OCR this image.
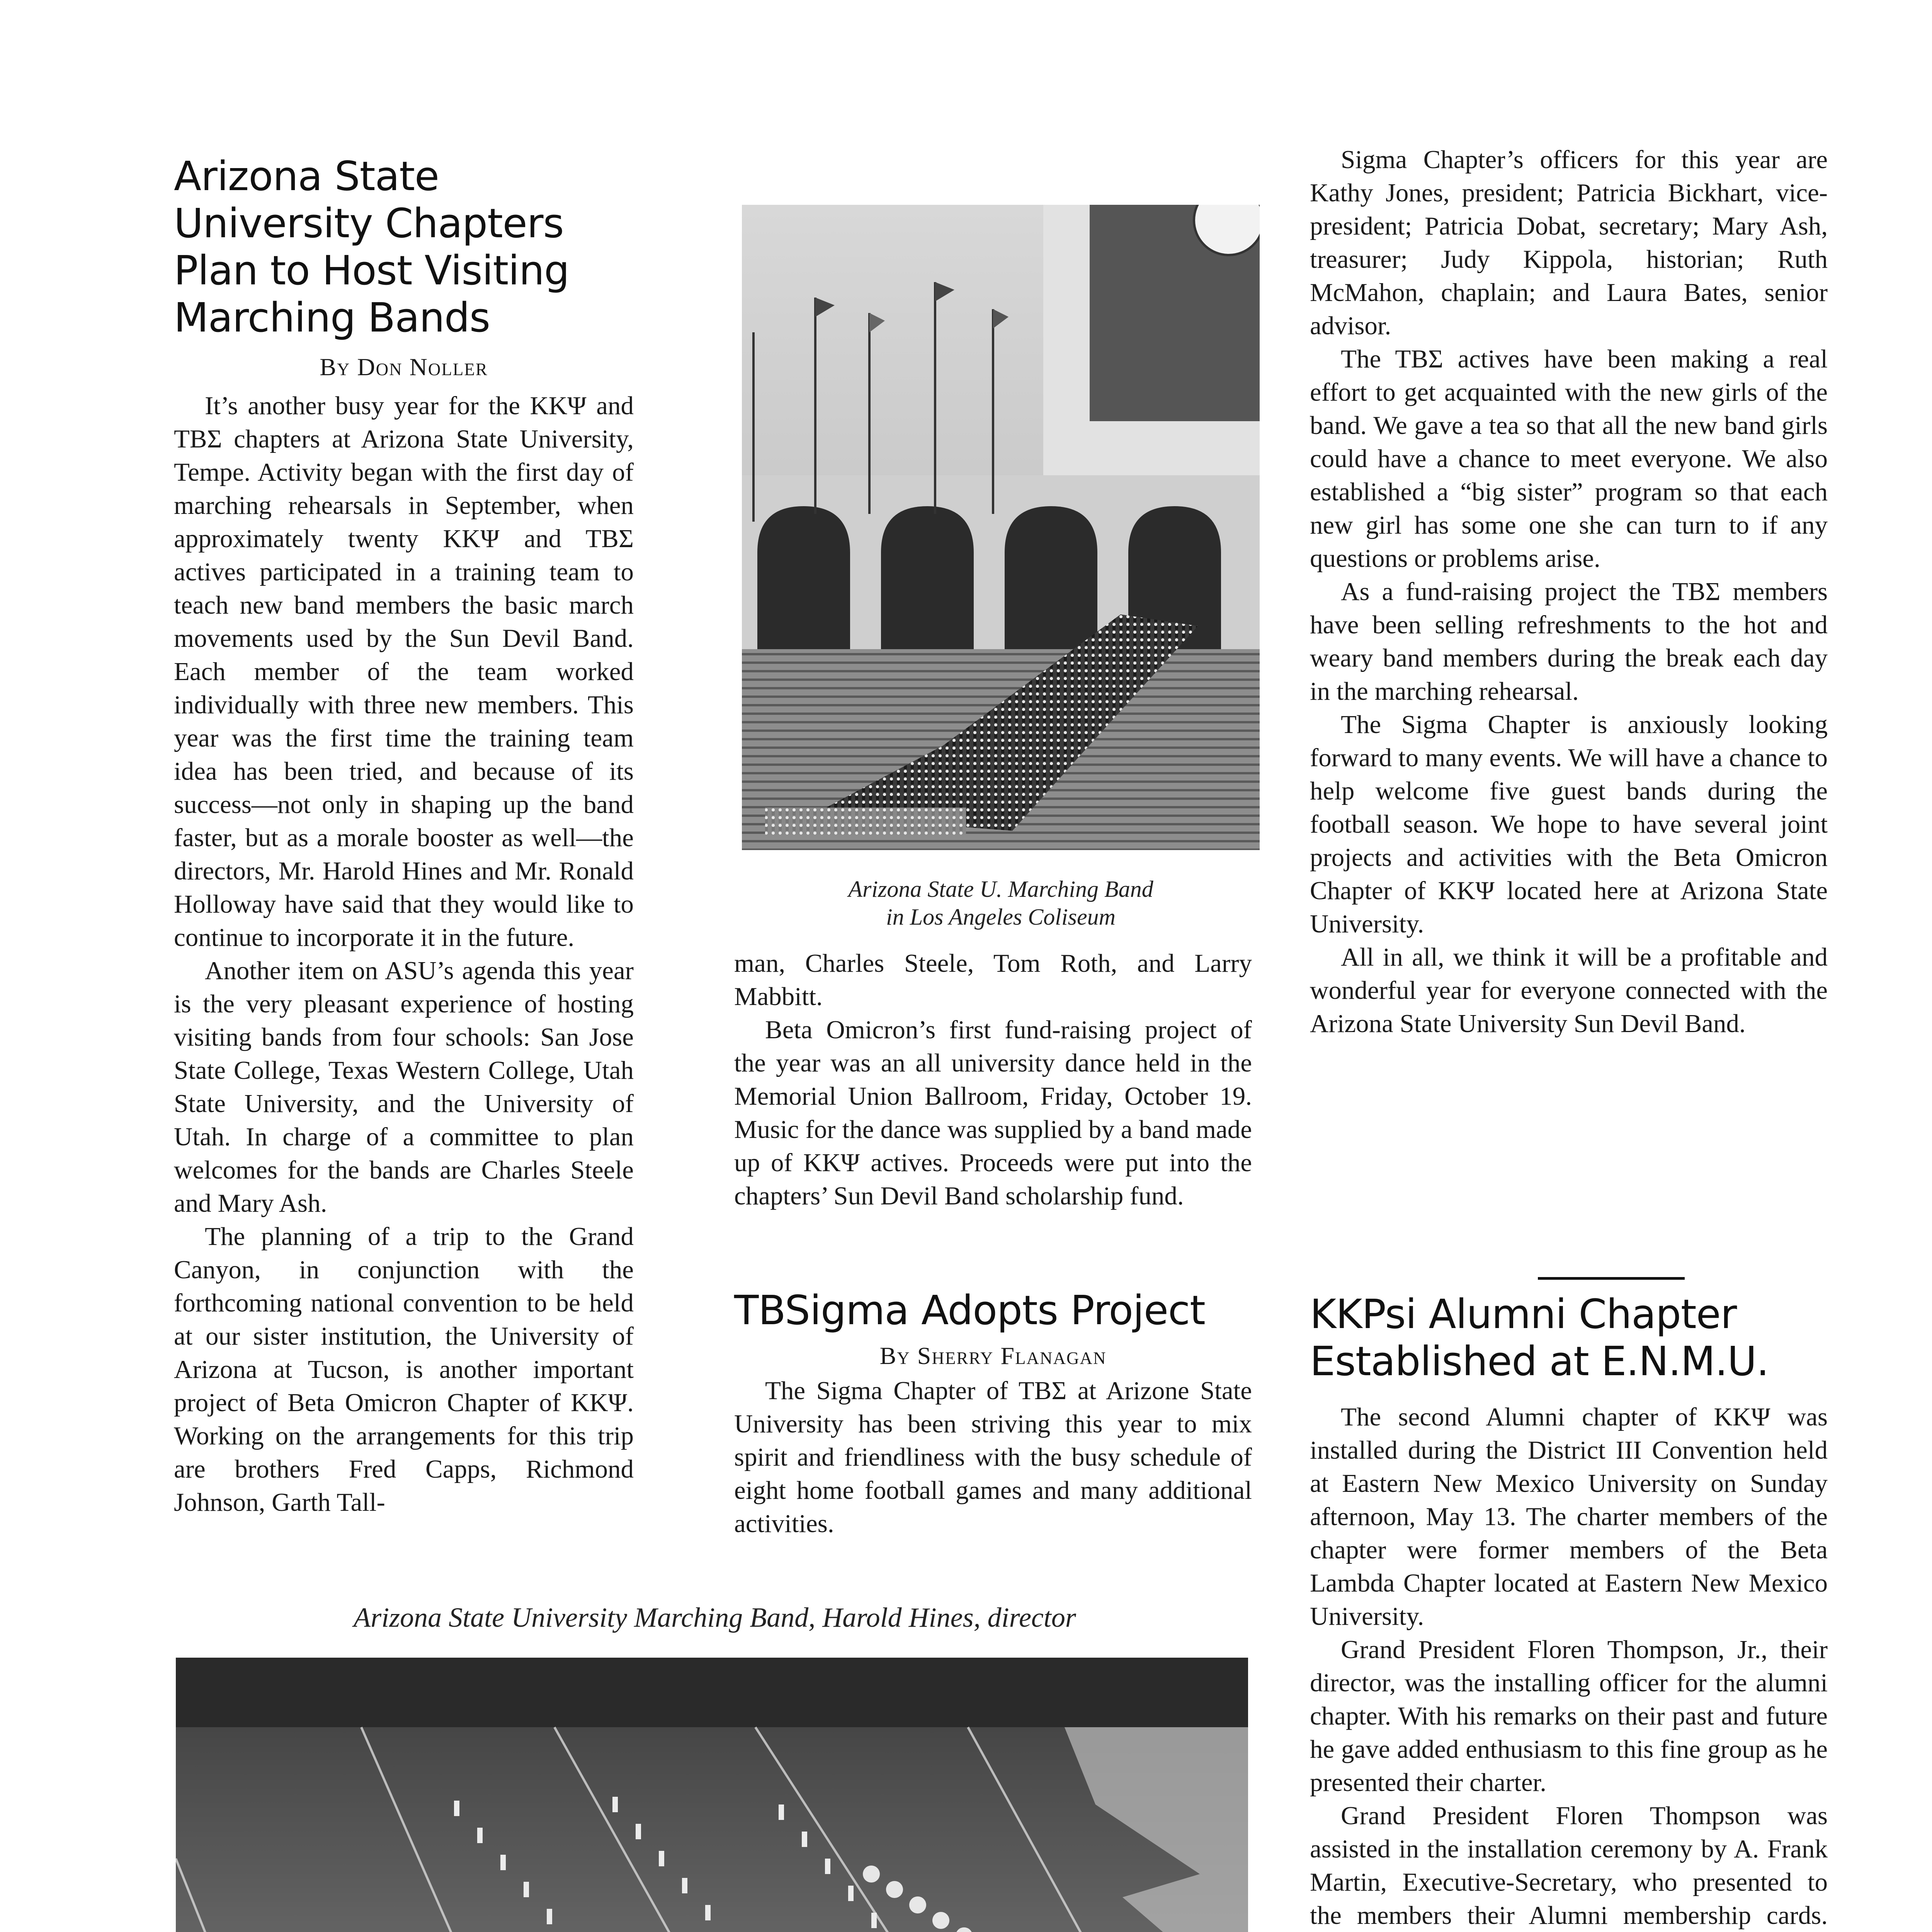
Arizona State University Chapters Plan to Host Visiting Marching Bands
By Don Noller

It’s another busy year for the KKΨ and TBΣ chapters at Arizona State University, Tempe. Activity began with the first day of marching rehearsals in September, when approximately twenty KKΨ and TBΣ actives participated in a training team to teach new band members the basic march movements used by the Sun Devil Band. Each member of the team worked individually with three new members. This year was the first time the training team idea has been tried, and because of its success—not only in shaping up the band faster, but as a morale booster as well—the directors, Mr. Harold Hines and Mr. Ronald Holloway have said that they would like to continue to incorporate it in the future.

Another item on ASU’s agenda this year is the very pleasant experience of hosting visiting bands from four schools: San Jose State College, Texas Western College, Utah State University, and the University of Utah. In charge of a committee to plan welcomes for the bands are Charles Steele and Mary Ash.

The planning of a trip to the Grand Canyon, in conjunction with the forthcoming national convention to be held at our sister institution, the University of Arizona at Tucson, is another important project of Beta Omicron Chapter of KKΨ. Working on the arrangements for this trip are brothers Fred Capps, Richmond Johnson, Garth Tall-

Arizona State U. Marching Band
in Los Angeles Coliseum

man, Charles Steele, Tom Roth, and Larry Mabbitt.

Beta Omicron’s first fund-raising project of the year was an all university dance held in the Memorial Union Ballroom, Friday, October 19. Music for the dance was supplied by a band made up of KKΨ actives. Proceeds were put into the chapters’ Sun Devil Band scholarship fund.

TBSigma Adopts Project
By Sherry Flanagan

The Sigma Chapter of TBΣ at Arizone State University has been striving this year to mix spirit and friendliness with the busy schedule of eight home football games and many additional activities.

Sigma Chapter’s officers for this year are Kathy Jones, president; Patricia Bickhart, vice-president; Patricia Dobat, secretary; Mary Ash, treasurer; Judy Kippola, historian; Ruth McMahon, chaplain; and Laura Bates, senior advisor.

The TBΣ actives have been making a real effort to get acquainted with the new girls of the band. We gave a tea so that all the new band girls could have a chance to meet everyone. We also established a “big sister” program so that each new girl has some one she can turn to if any questions or problems arise.

As a fund-raising project the TBΣ members have been selling refreshments to the hot and weary band members during the break each day in the marching rehearsal.

The Sigma Chapter is anxiously looking forward to many events. We will have a chance to help welcome five guest bands during the football season. We hope to have several joint projects and activities with the Beta Omicron Chapter of KKΨ located here at Arizona State University.

All in all, we think it will be a profitable and wonderful year for everyone connected with the Arizona State University Sun Devil Band.

KKPsi Alumni Chapter Established at E.N.M.U.

The second Alumni chapter of KKΨ was installed during the District III Convention held at Eastern New Mexico University on Sunday afternoon, May 13. The charter members of the chapter were former members of the Beta Lambda Chapter located at Eastern New Mexico University.

Grand President Floren Thompson, Jr., their director, was the installing officer for the alumni chapter. With his remarks on their past and future he gave added enthusiasm to this fine group as he presented their charter.

Grand President Floren Thompson was assisted in the installation ceremony by A. Frank Martin, Executive-Secretary, who presented to the members their Alumni membership cards.

Arizona State University Marching Band, Harold Hines, director
